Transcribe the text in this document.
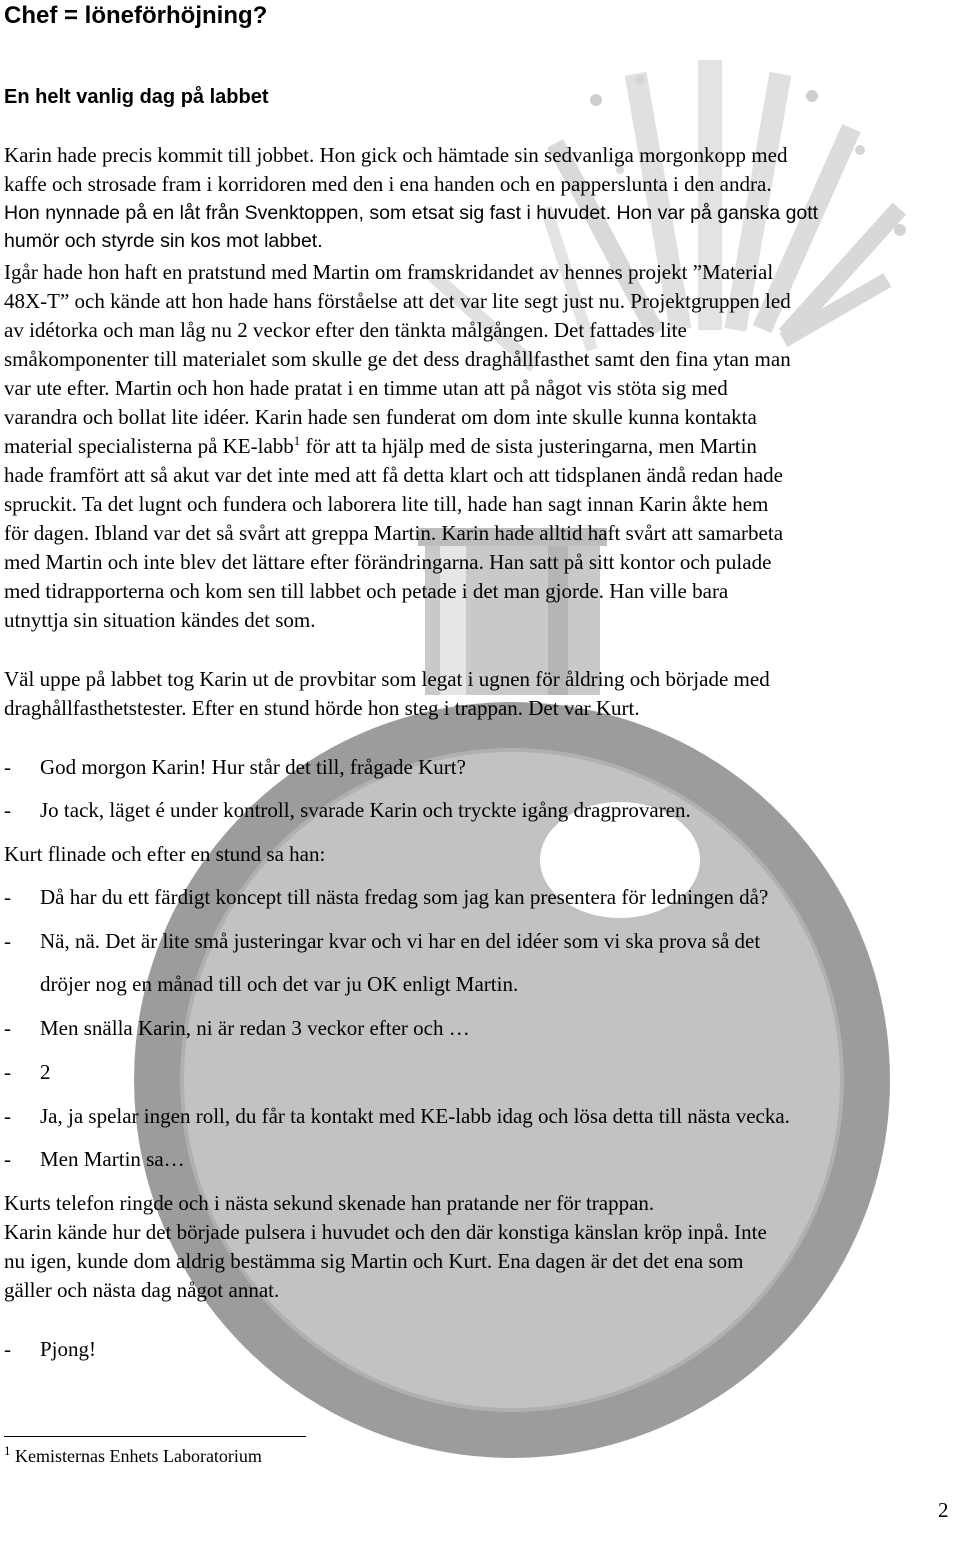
Chef = löneförhöjning?
En helt vanlig dag på labbet

Karin hade precis kommit till jobbet. Hon gick och hämtade sin sedvanliga morgonkopp med

kaffe och strosade fram i korridoren med den i ena handen och en papperslunta i den andra.

Hon nynnade på en låt från Svenktoppen, som etsat sig fast i huvudet. Hon var på ganska gott

humör och styrde sin kos mot labbet.

Igår hade hon haft en pratstund med Martin om framskridandet av hennes projekt ”Material

48X-T” och kände att hon hade hans förståelse att det var lite segt just nu. Projektgruppen led

av idétorka och man låg nu 2 veckor efter den tänkta målgången. Det fattades lite

småkomponenter till materialet som skulle ge det dess draghållfasthet samt den fina ytan man

var ute efter. Martin och hon hade pratat i en timme utan att på något vis stöta sig med

varandra och bollat lite idéer. Karin hade sen funderat om dom inte skulle kunna kontakta

material specialisterna på KE-labb$^1$ för att ta hjälp med de sista justeringarna, men Martin

hade framfört att så akut var det inte med att få detta klart och att tidsplanen ändå redan hade

spruckit. Ta det lugnt och fundera och laborera lite till, hade han sagt innan Karin åkte hem

för dagen. Ibland var det så svårt att greppa Martin. Karin hade alltid haft svårt att samarbeta

med Martin och inte blev det lättare efter förändringarna. Han satt på sitt kontor och pulade

med tidrapporterna och kom sen till labbet och petade i det man gjorde. Han ville bara

utnyttja sin situation kändes det som.

Väl uppe på labbet tog Karin ut de provbitar som legat i ugnen för åldring och började med

draghållfasthetstester. Efter en stund hörde hon steg i trappan. Det var Kurt.

- God morgon Karin! Hur står det till, frågade Kurt?
- Jo tack, läget é under kontroll, svarade Karin och tryckte igång dragprovaren.

Kurt flinade och efter en stund sa han:

- Då har du ett färdigt koncept till nästa fredag som jag kan presentera för ledningen då?
- Nä, nä. Det är lite små justeringar kvar och vi har en del idéer som vi ska prova så det
dröjer nog en månad till och det var ju OK enligt Martin.
- Men snälla Karin, ni är redan 3 veckor efter och …
- 2
- Ja, ja spelar ingen roll, du får ta kontakt med KE-labb idag och lösa detta till nästa vecka.
- Men Martin sa…

Kurts telefon ringde och i nästa sekund skenade han pratande ner för trappan.

Karin kände hur det började pulsera i huvudet och den där konstiga känslan kröp inpå. Inte

nu igen, kunde dom aldrig bestämma sig Martin och Kurt. Ena dagen är det det ena som

gäller och nästa dag något annat.

- Pjong!
$^1$ Kemisternas Enhets Laboratorium
2
